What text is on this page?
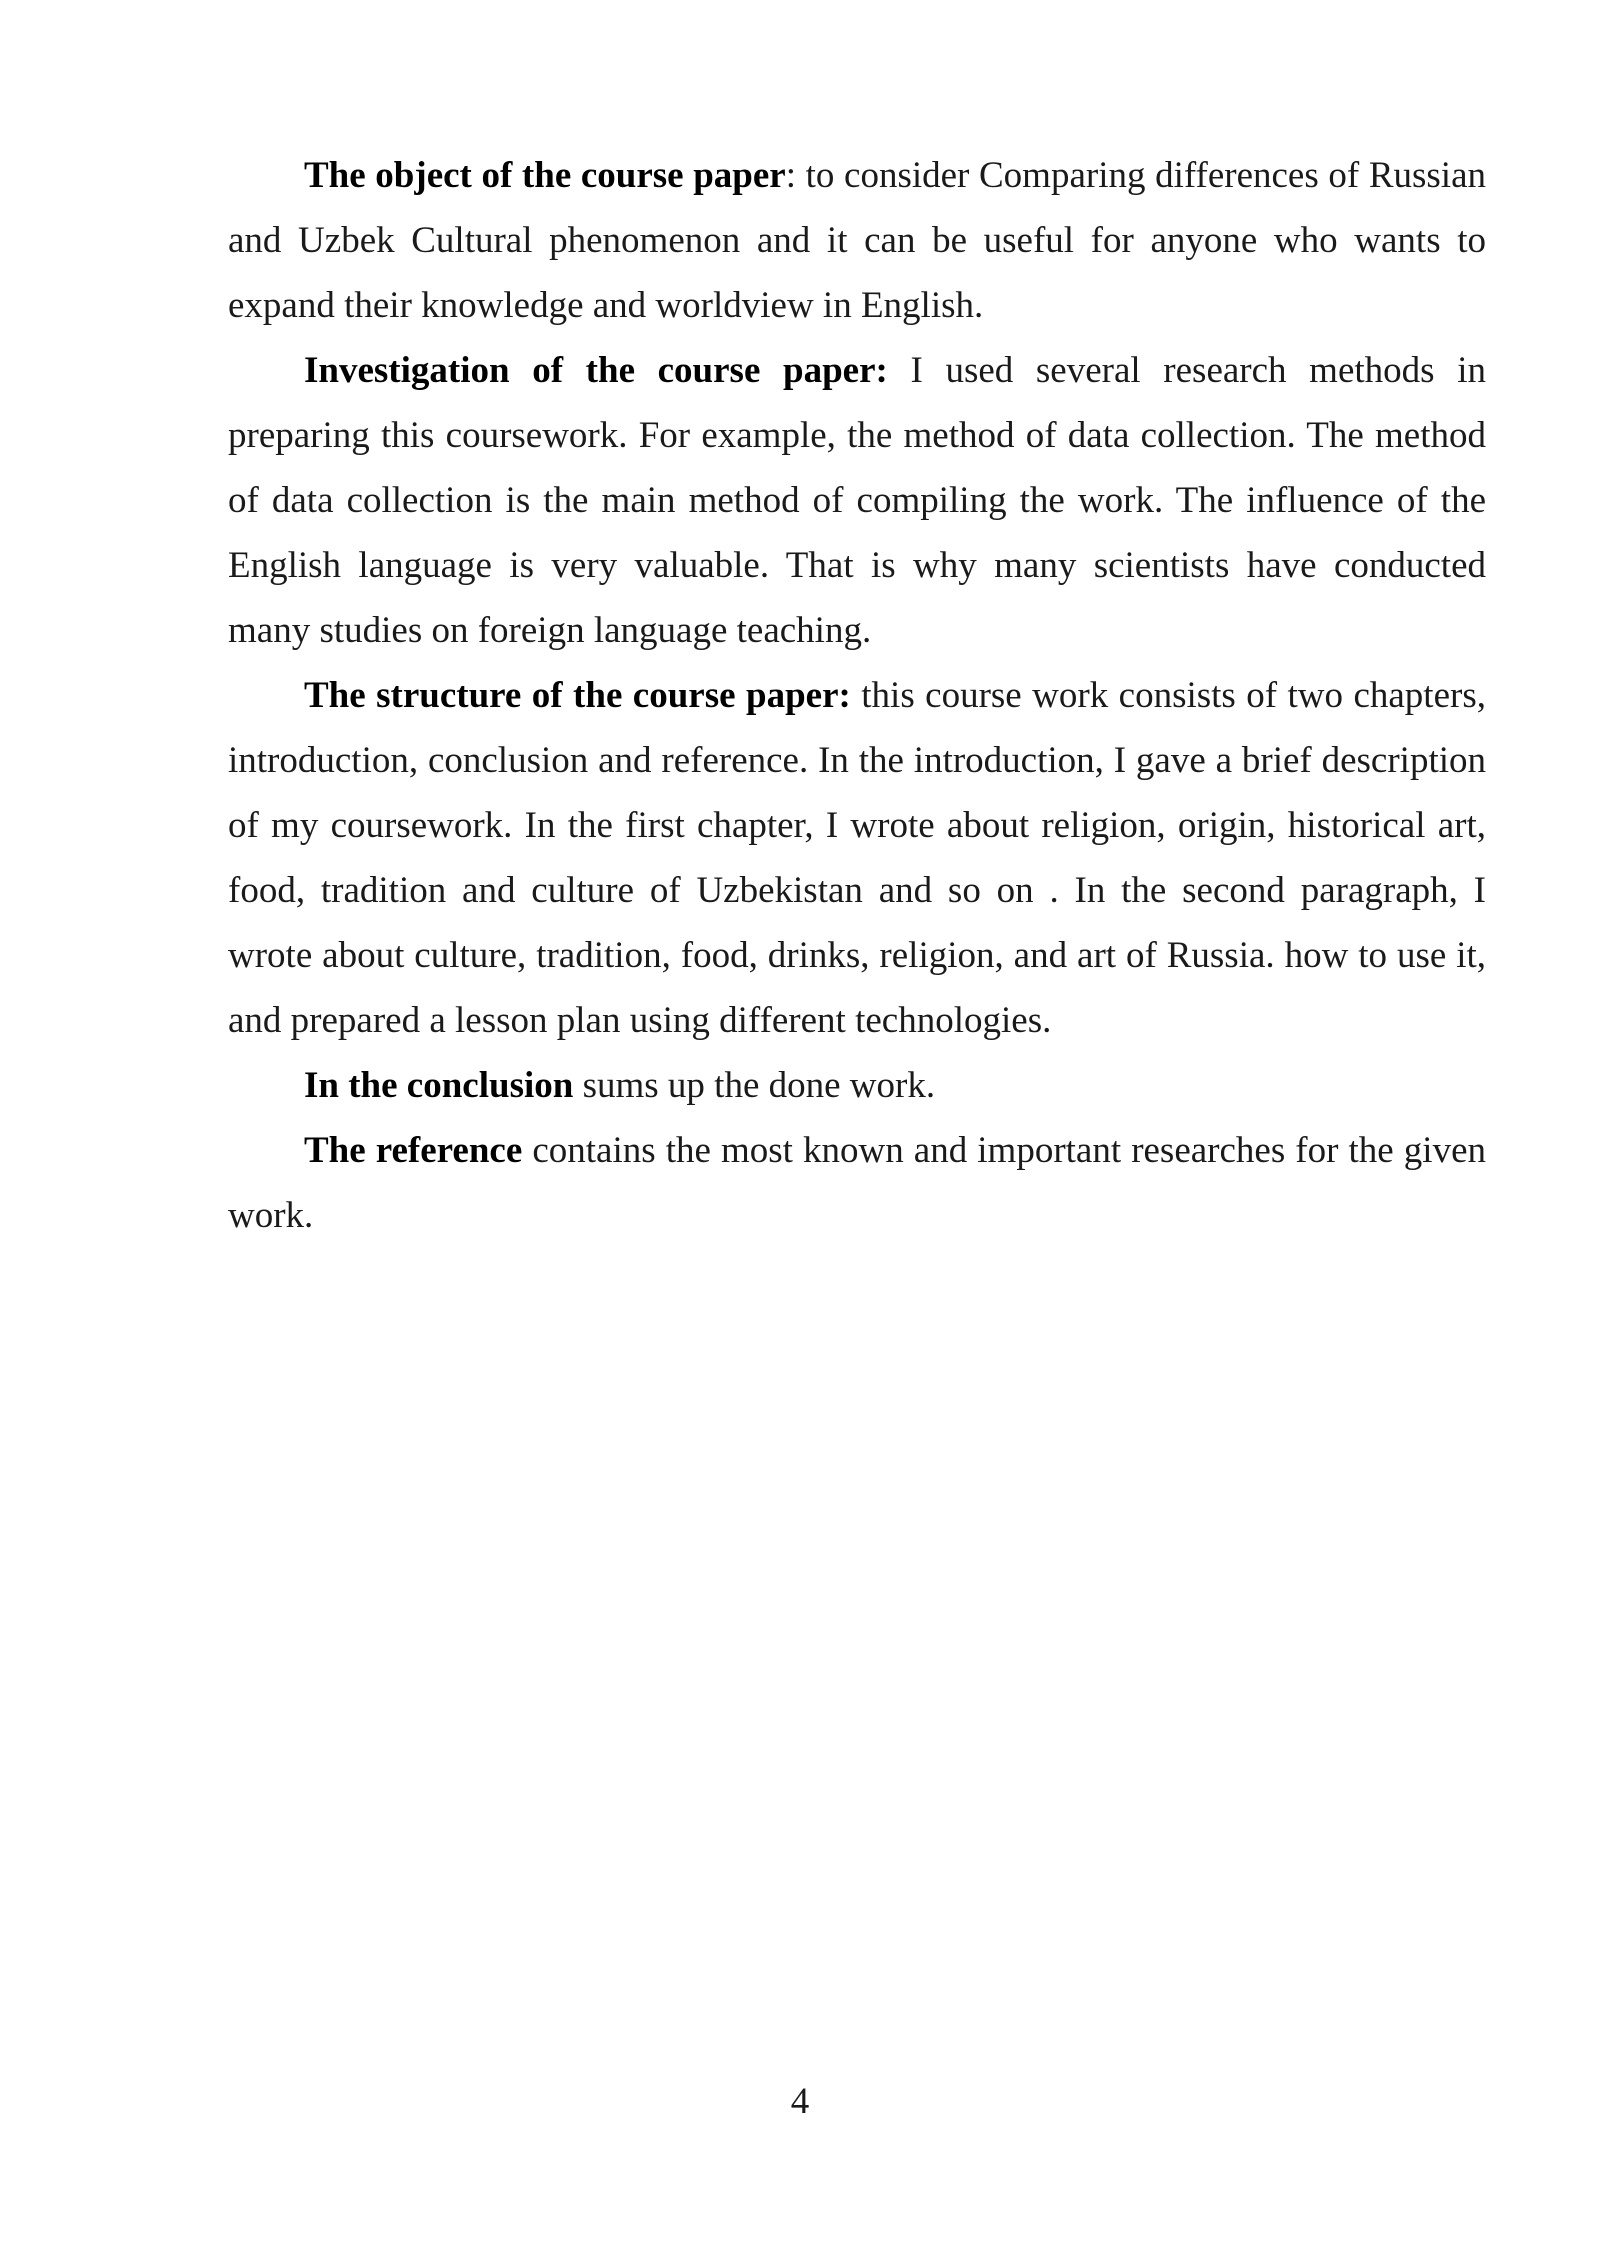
The object of the course paper: to consider Comparing differences of Russian and Uzbek Cultural phenomenon and it can be useful for anyone who wants to expand their knowledge and worldview in English.

Investigation of the course paper: I used several research methods in preparing this coursework. For example, the method of data collection. The method of data collection is the main method of compiling the work. The influence of the English language is very valuable. That is why many scientists have conducted many studies on foreign language teaching.

The structure of the course paper: this course work consists of two chapters, introduction, conclusion and reference. In the introduction, I gave a brief description of my coursework. In the first chapter, I wrote about religion, origin, historical art, food, tradition and culture of Uzbekistan and so on . In the second paragraph, I wrote about culture, tradition, food, drinks, religion, and art of Russia. how to use it, and prepared a lesson plan using different technologies.

In the conclusion sums up the done work.

The reference contains the most known and important researches for the given work.

4
